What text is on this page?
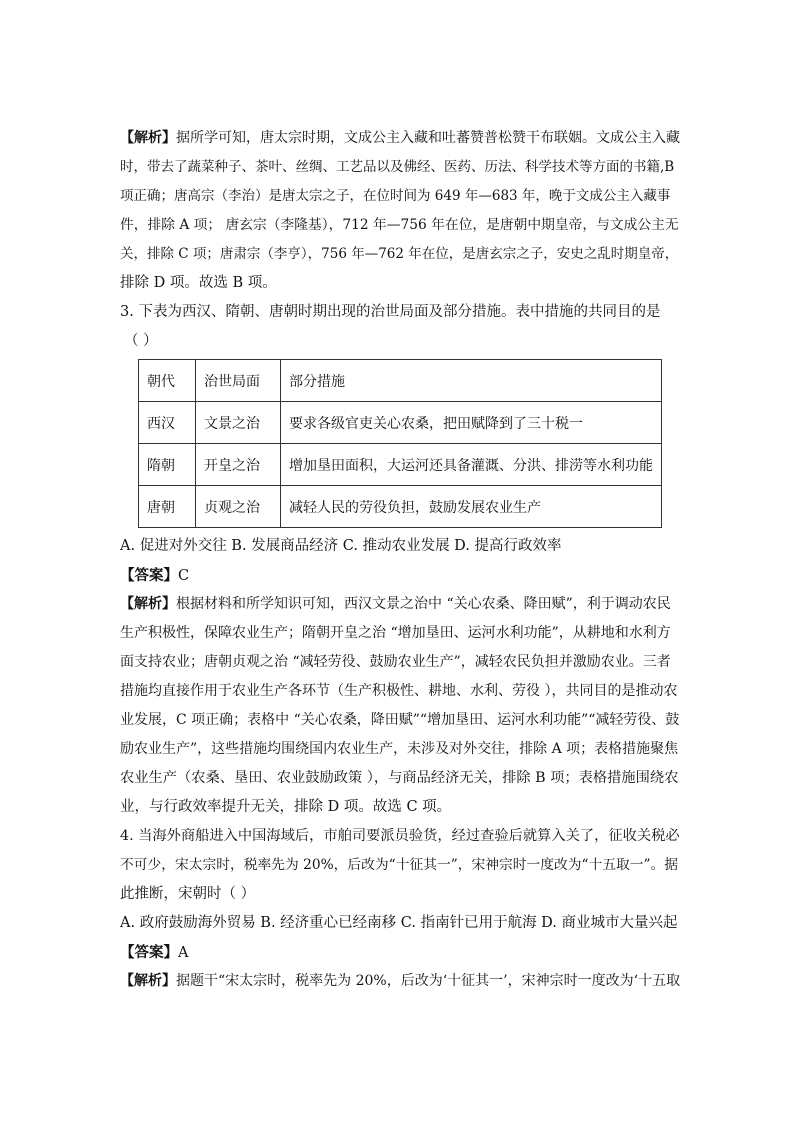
【解析】据所学可知，唐太宗时期，文成公主入藏和吐蕃赞普松赞干布联姻。文成公主入藏
时，带去了蔬菜种子、茶叶、丝绸、工艺品以及佛经、医药、历法、科学技术等方面的书籍,B
项正确；唐高宗（李治）是唐太宗之子，在位时间为 649 年—683 年，晚于文成公主入藏事
件，排除 A 项； 唐玄宗（李隆基），712 年—756 年在位，是唐朝中期皇帝，与文成公主无
关，排除 C 项；唐肃宗（李亨），756 年—762 年在位，是唐玄宗之子，安史之乱时期皇帝，
排除 D 项。故选 B 项。
3. 下表为西汉、隋朝、唐朝时期出现的治世局面及部分措施。表中措施的共同目的是
（ ）
朝代	治世局面	部分措施
西汉	文景之治	要求各级官吏关心农桑，把田赋降到了三十税一
隋朝	开皇之治	增加垦田面积，大运河还具备灌溉、分洪、排涝等水利功能
唐朝	贞观之治	减轻人民的劳役负担，鼓励发展农业生产
A. 促进对外交往 B. 发展商品经济 C. 推动农业发展 D. 提高行政效率
【答案】C
【解析】根据材料和所学知识可知，西汉文景之治中 “关心农桑、降田赋”，利于调动农民
生产积极性，保障农业生产；隋朝开皇之治 “增加垦田、运河水利功能”，从耕地和水利方
面支持农业；唐朝贞观之治 “减轻劳役、鼓励农业生产”，减轻农民负担并激励农业。三者
措施均直接作用于农业生产各环节（生产积极性、耕地、水利、劳役 ），共同目的是推动农
业发展，C 项正确；表格中 “关心农桑，降田赋”“增加垦田、运河水利功能”“减轻劳役、鼓
励农业生产”，这些措施均围绕国内农业生产，未涉及对外交往，排除 A 项；表格措施聚焦
农业生产（农桑、垦田、农业鼓励政策 ），与商品经济无关，排除 B 项；表格措施围绕农
业，与行政效率提升无关，排除 D 项。故选 C 项。
4. 当海外商船进入中国海域后，市舶司要派员验货，经过查验后就算入关了，征收关税必
不可少，宋太宗时，税率先为 20%，后改为“十征其一”，宋神宗时一度改为“十五取一”。据
此推断，宋朝时（ ）
A. 政府鼓励海外贸易 B. 经济重心已经南移 C. 指南针已用于航海 D. 商业城市大量兴起
【答案】A
【解析】据题干“宋太宗时，税率先为 20%，后改为‘十征其一’，宋神宗时一度改为‘十五取
